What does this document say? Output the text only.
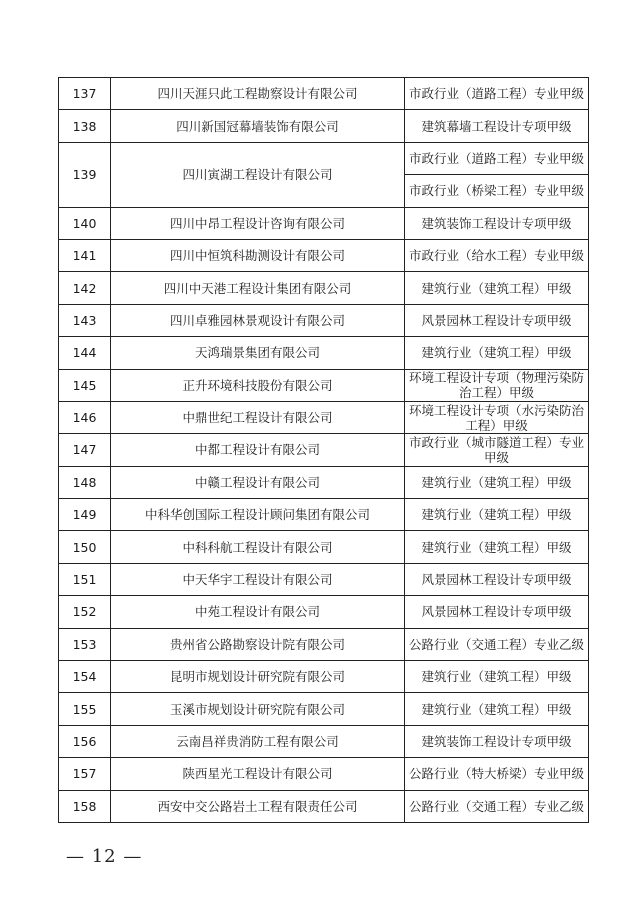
137	四川天涯只此工程勘察设计有限公司	市政行业（道路工程）专业甲级
138	四川新国冠幕墙装饰有限公司	建筑幕墙工程设计专项甲级
139	四川寅湖工程设计有限公司	市政行业（道路工程）专业甲级
		市政行业（桥梁工程）专业甲级
140	四川中昂工程设计咨询有限公司	建筑装饰工程设计专项甲级
141	四川中恒筑科勘测设计有限公司	市政行业（给水工程）专业甲级
142	四川中天港工程设计集团有限公司	建筑行业（建筑工程）甲级
143	四川卓雅园林景观设计有限公司	风景园林工程设计专项甲级
144	天鸿瑞景集团有限公司	建筑行业（建筑工程）甲级
145	正升环境科技股份有限公司	环境工程设计专项（物理污染防治工程）甲级
146	中鼎世纪工程设计有限公司	环境工程设计专项（水污染防治工程）甲级
147	中都工程设计有限公司	市政行业（城市隧道工程）专业甲级
148	中赣工程设计有限公司	建筑行业（建筑工程）甲级
149	中科华创国际工程设计顾问集团有限公司	建筑行业（建筑工程）甲级
150	中科科航工程设计有限公司	建筑行业（建筑工程）甲级
151	中天华宇工程设计有限公司	风景园林工程设计专项甲级
152	中苑工程设计有限公司	风景园林工程设计专项甲级
153	贵州省公路勘察设计院有限公司	公路行业（交通工程）专业乙级
154	昆明市规划设计研究院有限公司	建筑行业（建筑工程）甲级
155	玉溪市规划设计研究院有限公司	建筑行业（建筑工程）甲级
156	云南昌祥贵消防工程有限公司	建筑装饰工程设计专项甲级
157	陕西星光工程设计有限公司	公路行业（特大桥梁）专业甲级
158	西安中交公路岩土工程有限责任公司	公路行业（交通工程）专业乙级
— 12 —
